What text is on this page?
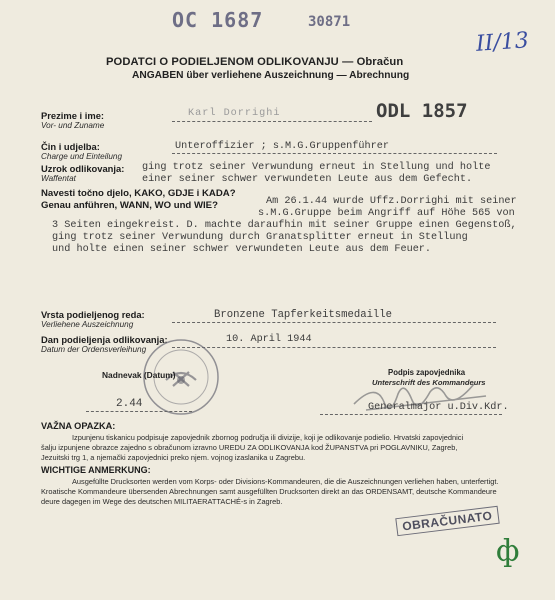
OC 1687	30871
II/13
PODATCI O PODIELJENOM ODLIKOVANJU — Obračun
ANGABEN über verliehene Auszeichnung — Abrechnung
Prezime i ime:
Vor- und Zuname
Karl Dorrighi	ODL 1857
Čin i udjelba:
Charge und Einteilung
Unteroffizier ; s.M.G.Gruppenführer
Uzrok odlikovanja:
Waffentat
ging trotz seiner Verwundung erneut in Stellung und holte
einer seiner schwer verwundeten Leute aus dem Gefecht.
Navesti točno djelo, KAKO, GDJE i KADA?
Genau anführen, WANN, WO und WIE?	Am 26.1.44 wurde Uffz.Dorrighi mit seiner
s.M.G.Gruppe beim Angriff auf Höhe 565 von
3 Seiten eingekreist. D. machte daraufhin mit seiner Gruppe einen Gegenstoß,
ging trotz seiner Verwundung durch Granatsplitter erneut in Stellung
und holte einen seiner schwer verwundeten Leute aus dem Feuer.
Vrsta podieljenog reda:
Verliehene Auszeichnung
Bronzene Tapferkeitsmedaille
Dan podieljenja odlikovanja:
Datum der Ordensverleihung
10. April 1944
Nadnevak (Datum)
2.44
Podpis zapovjednika
Unterschrift des Kommandeurs
Generalmajor u.Div.Kdr.
VAŽNA OPAZKA:
Izpunjenu tiskanicu podpisuje zapovjednik zbornog područja ili divizije, koji je odlikovanje podielio. Hrvatski zapovjednici
šalju izpunjene obrazce zajedno s obračunom izravno UREDU ZA ODLIKOVANJA kod ŽUPANSTVA pri POGLAVNIKU, Zagreb,
Jezuitski trg 1, a njemački zapovjednici preko njem. vojnog izaslanika u Zagrebu.
WICHTIGE ANMERKUNG:
Ausgefüllte Drucksorten werden vom Korps- oder Divisions-Kommandeuren, die die Auszeichnungen verliehen haben, unterfertigt.
Kroatische Kommandeure übersenden Abrechnungen samt ausgefüllten Drucksorten direkt an das ORDENSAMT, deutsche Kommandeure
deure dagegen im Wege des deutschen MILITAERATTACHÉ-s in Zagreb.
OBRAČUNATO
ф
